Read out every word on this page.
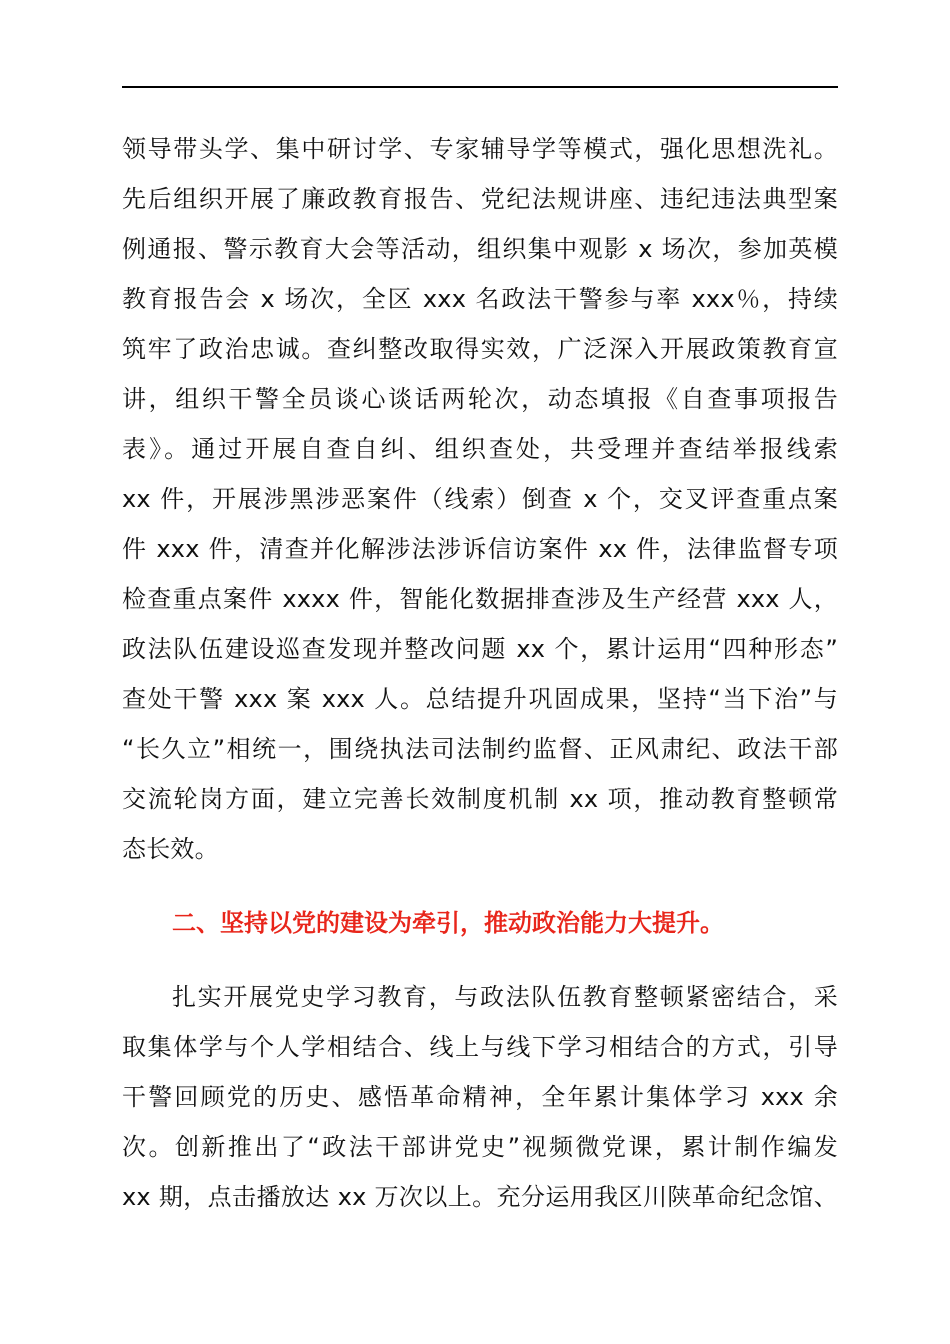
领导带头学、集中研讨学、专家辅导学等模式，强化思想洗礼。
先后组织开展了廉政教育报告、党纪法规讲座、违纪违法典型案
例通报、警示教育大会等活动，组织集中观影 x 场次，参加英模
教育报告会 x 场次，全区 xxx 名政法干警参与率 xxx％，持续
筑牢了政治忠诚。查纠整改取得实效，广泛深入开展政策教育宣
讲，组织干警全员谈心谈话两轮次，动态填报《自查事项报告
表》。通过开展自查自纠、组织查处，共受理并查结举报线索
xx 件，开展涉黑涉恶案件（线索）倒查 x 个，交叉评查重点案
件 xxx 件，清查并化解涉法涉诉信访案件 xx 件，法律监督专项
检查重点案件 xxxx 件，智能化数据排查涉及生产经营 xxx 人，
政法队伍建设巡查发现并整改问题 xx 个，累计运用“四种形态”
查处干警 xxx 案 xxx 人。总结提升巩固成果，坚持“当下治”与
“长久立”相统一，围绕执法司法制约监督、正风肃纪、政法干部
交流轮岗方面，建立完善长效制度机制 xx 项，推动教育整顿常
态长效。
二、坚持以党的建设为牵引，推动政治能力大提升。
扎实开展党史学习教育，与政法队伍教育整顿紧密结合，采
取集体学与个人学相结合、线上与线下学习相结合的方式，引导
干警回顾党的历史、感悟革命精神，全年累计集体学习 xxx 余
次。创新推出了“政法干部讲党史”视频微党课，累计制作编发
xx 期，点击播放达 xx 万次以上。充分运用我区川陕革命纪念馆、
